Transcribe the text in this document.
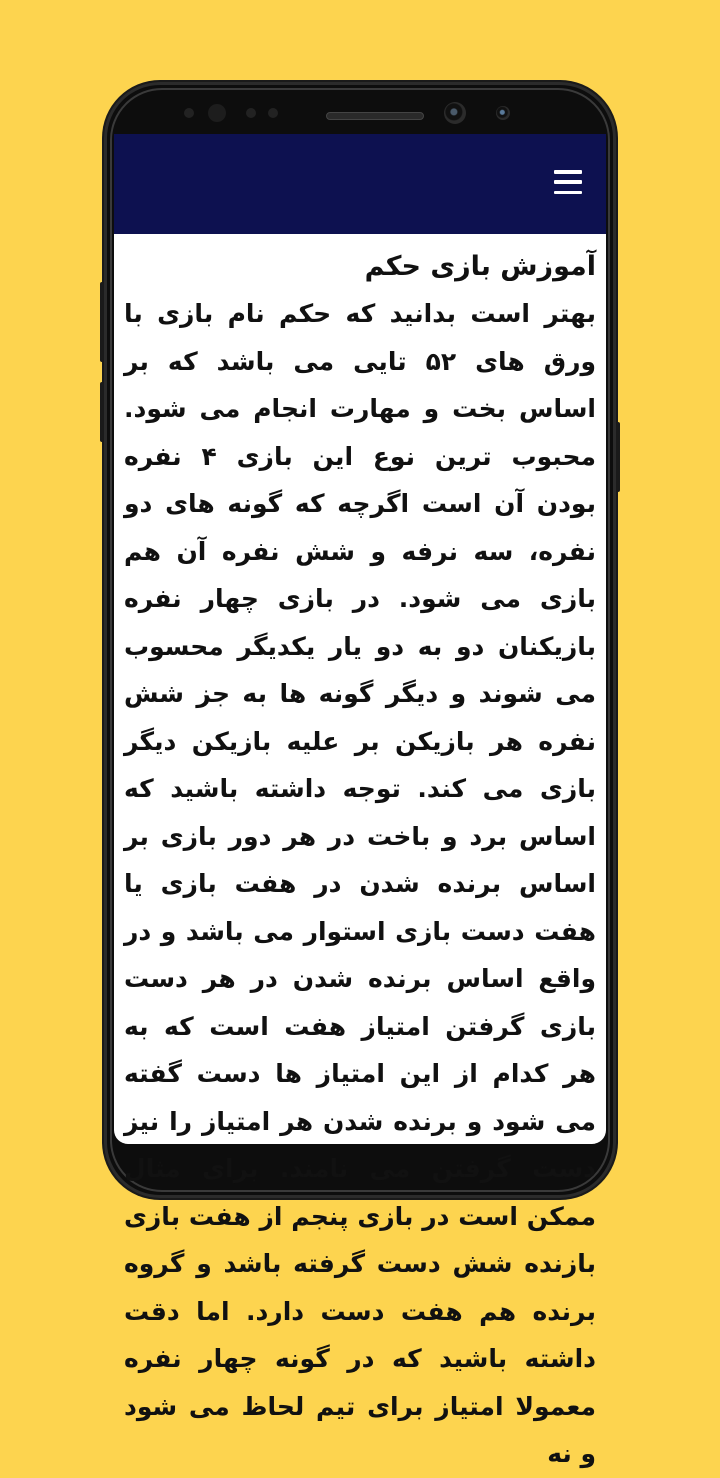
آموزش بازی حکم

بهتر است بدانید که حکم نام بازی با ورق های ۵۲ تایی می باشد که بر اساس بخت و مهارت انجام می شود. محبوب ترین نوع این بازی ۴ نفره بودن آن است اگرچه که گونه های دو نفره، سه نرفه و شش نفره آن هم بازی می شود. در بازی چهار نفره بازیکنان دو به دو یار یکدیگر محسوب می شوند و دیگر گونه ها به جز شش نفره هر بازیکن بر علیه بازیکن دیگر بازی می کند. توجه داشته باشید که اساس برد و باخت در هر دور بازی بر اساس برنده شدن در هفت بازی یا هفت دست بازی استوار می باشد و در واقع اساس برنده شدن در هر دست بازی گرفتن امتیاز هفت است که به هر کدام از این امتیاز ها دست گفته می شود و برنده شدن هر امتیاز را نیز دست گرفتن می نامند. برای مثال ممکن است در بازی پنجم از هفت بازی بازنده شش دست گرفته باشد و گروه برنده هم هفت دست دارد. اما دقت داشته باشید که در گونه چهار نفره معمولا امتیاز برای تیم لحاظ می شود و نه
